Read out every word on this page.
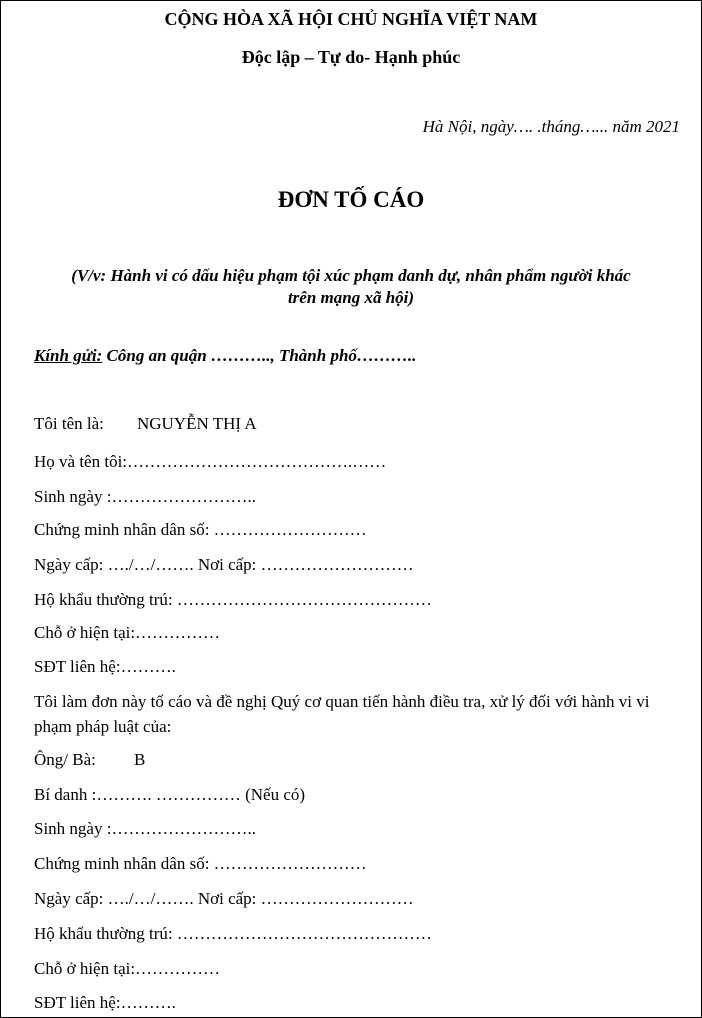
CỘNG HÒA XÃ HỘI CHỦ NGHĨA VIỆT NAM
Độc lập – Tự do- Hạnh phúc
Hà Nội, ngày…. .tháng…... năm 2021
ĐƠN TỐ CÁO
(V/v: Hành vi có dấu hiệu phạm tội xúc phạm danh dự, nhân phẩm người khác
trên mạng xã hội)
Kính gửi: Công an quận ……….., Thành phố………..
Tôi tên là: NGUYỄN THỊ A
Họ và tên tôi:………………………………….……
Sinh ngày :……………………..
Chứng minh nhân dân số: ………………………
Ngày cấp: …./…/……. Nơi cấp: ………………………
Hộ khẩu thường trú: ………………………………………
Chỗ ở hiện tại:……………
SĐT liên hệ:……….
Tôi làm đơn này tố cáo và đề nghị Quý cơ quan tiến hành điều tra, xử lý đối với hành vi vi phạm pháp luật của:
Ông/ Bà: B
Bí danh :………. …………… (Nếu có)
Sinh ngày :……………………..
Chứng minh nhân dân số: ………………………
Ngày cấp: …./…/……. Nơi cấp: ………………………
Hộ khẩu thường trú: ………………………………………
Chỗ ở hiện tại:……………
SĐT liên hệ:……….
